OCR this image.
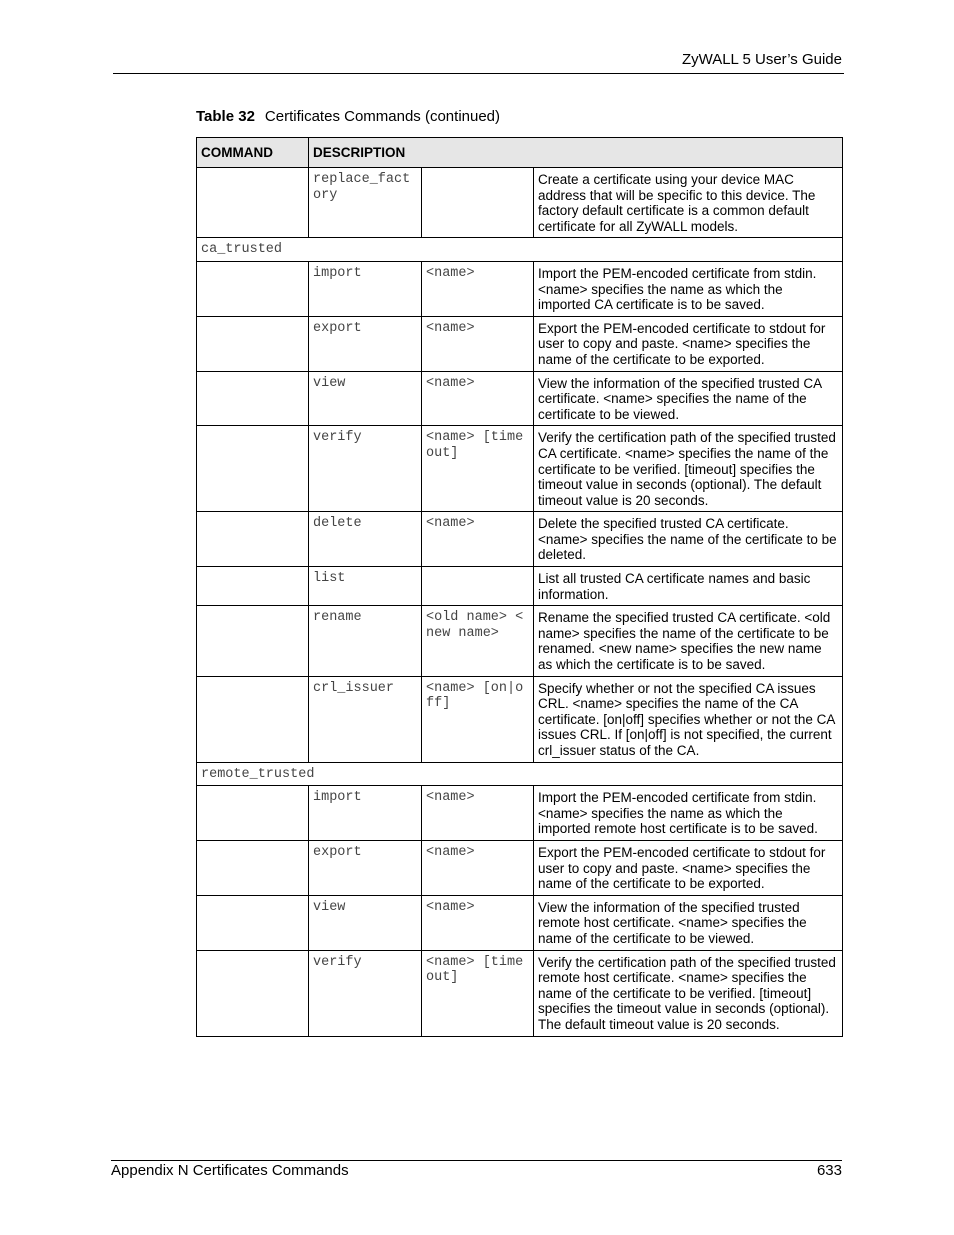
ZyWALL 5 User’s Guide
Table 32 Certificates Commands (continued)
COMMAND	DESCRIPTION		
	replace_factory		Create a certificate using your device MAC address that will be specific to this device. The factory default certificate is a common default certificate for all ZyWALL models.
ca_trusted			
	import	<name>	Import the PEM-encoded certificate from stdin. <name> specifies the name as which the imported CA certificate is to be saved.
	export	<name>	Export the PEM-encoded certificate to stdout for user to copy and paste. <name> specifies the name of the certificate to be exported.
	view	<name>	View the information of the specified trusted CA certificate. <name> specifies the name of the certificate to be viewed.
	verify	<name> [timeout]	Verify the certification path of the specified trusted CA certificate. <name> specifies the name of the certificate to be verified. [timeout] specifies the timeout value in seconds (optional). The default timeout value is 20 seconds.
	delete	<name>	Delete the specified trusted CA certificate. <name> specifies the name of the certificate to be deleted.
	list		List all trusted CA certificate names and basic information.
	rename	<old name> <new name>	Rename the specified trusted CA certificate. <old name> specifies the name of the certificate to be renamed. <new name> specifies the new name as which the certificate is to be saved.
	crl_issuer	<name> [on|off]	Specify whether or not the specified CA issues CRL. <name> specifies the name of the CA certificate. [on|off] specifies whether or not the CA issues CRL. If [on|off] is not specified, the current crl_issuer status of the CA.
remote_trusted			
	import	<name>	Import the PEM-encoded certificate from stdin. <name> specifies the name as which the imported remote host certificate is to be saved.
	export	<name>	Export the PEM-encoded certificate to stdout for user to copy and paste. <name> specifies the name of the certificate to be exported.
	view	<name>	View the information of the specified trusted remote host certificate. <name> specifies the name of the certificate to be viewed.
	verify	<name> [timeout]	Verify the certification path of the specified trusted remote host certificate. <name> specifies the name of the certificate to be verified. [timeout] specifies the timeout value in seconds (optional). The default timeout value is 20 seconds.
Appendix N Certificates Commands	633
